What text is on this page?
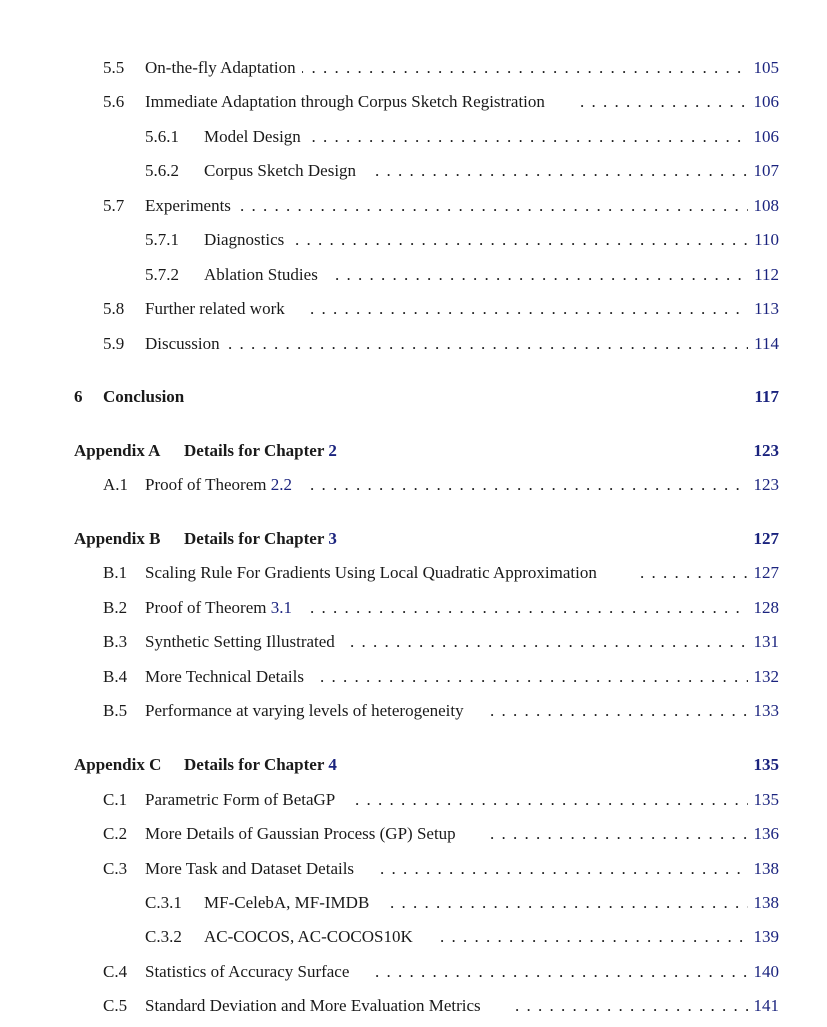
5.5 . . . On-the-fly Adaptation	105
5.6 . . . Immediate Adaptation through Corpus Sketch Registration	106
5.6.1 . . . Model Design	106
5.6.2 . . . Corpus Sketch Design	107
5.7 . . . Experiments	108
5.7.1 . . . Diagnostics	110
5.7.2 . . . Ablation Studies	112
5.8 . . . Further related work	113
5.9 . . . Discussion	114
6 Conclusion	117
Appendix A Details for Chapter 2	123
A.1 . . . Proof of Theorem 2.2	123
Appendix B Details for Chapter 3	127
B.1 . . . Scaling Rule For Gradients Using Local Quadratic Approximation	127
B.2 . . . Proof of Theorem 3.1	128
B.3 . . . Synthetic Setting Illustrated	131
B.4 . . . More Technical Details	132
B.5 . . . Performance at varying levels of heterogeneity	133
Appendix C Details for Chapter 4	135
C.1 . . . Parametric Form of BetaGP	135
C.2 . . . More Details of Gaussian Process (GP) Setup	136
C.3 . . . More Task and Dataset Details	138
C.3.1 . . . MF-CelebA, MF-IMDB	138
C.3.2 . . . AC-COCOS, AC-COCOS10K	139
C.4 . . . Statistics of Accuracy Surface	140
C.5 . . . Standard Deviation and More Evaluation Metrics	141
